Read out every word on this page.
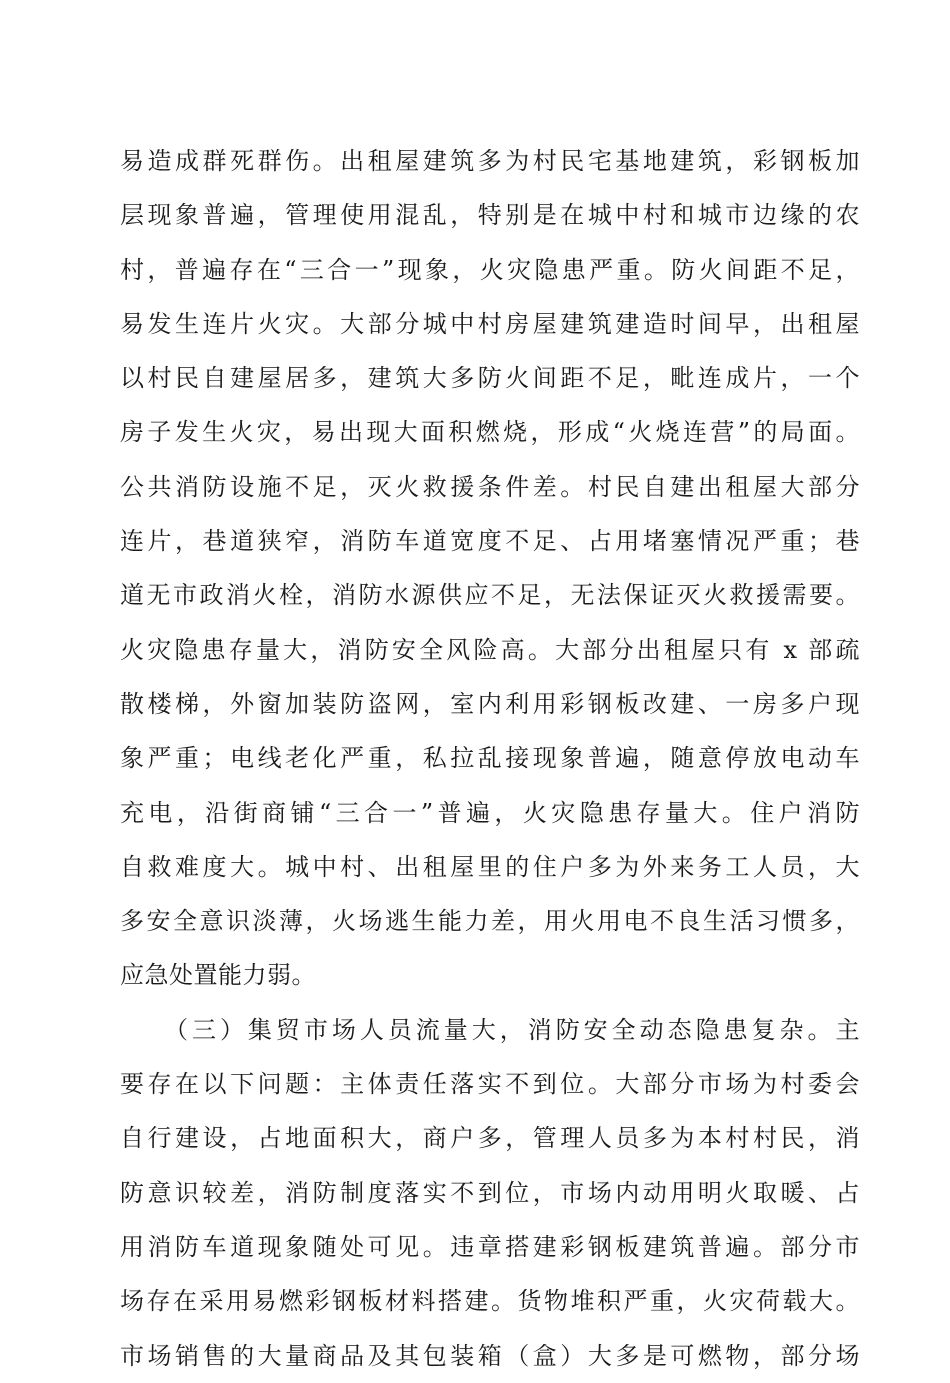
易造成群死群伤。出租屋建筑多为村民宅基地建筑，彩钢板加
层现象普遍，管理使用混乱，特别是在城中村和城市边缘的农
村，普遍存在“三合一”现象，火灾隐患严重。防火间距不足，
易发生连片火灾。大部分城中村房屋建筑建造时间早，出租屋
以村民自建屋居多，建筑大多防火间距不足，毗连成片，一个
房子发生火灾，易出现大面积燃烧，形成“火烧连营”的局面。
公共消防设施不足，灭火救援条件差。村民自建出租屋大部分
连片，巷道狭窄，消防车道宽度不足、占用堵塞情况严重；巷
道无市政消火栓，消防水源供应不足，无法保证灭火救援需要。
火灾隐患存量大，消防安全风险高。大部分出租屋只有 x 部疏
散楼梯，外窗加装防盗网，室内利用彩钢板改建、一房多户现
象严重；电线老化严重，私拉乱接现象普遍，随意停放电动车
充电，沿街商铺“三合一”普遍，火灾隐患存量大。住户消防
自救难度大。城中村、出租屋里的住户多为外来务工人员，大
多安全意识淡薄，火场逃生能力差，用火用电不良生活习惯多，
应急处置能力弱。
（三）集贸市场人员流量大，消防安全动态隐患复杂。主
要存在以下问题：主体责任落实不到位。大部分市场为村委会
自行建设，占地面积大，商户多，管理人员多为本村村民，消
防意识较差，消防制度落实不到位，市场内动用明火取暖、占
用消防车道现象随处可见。违章搭建彩钢板建筑普遍。部分市
场存在采用易燃彩钢板材料搭建。货物堆积严重，火灾荷载大。
市场销售的大量商品及其包装箱（盒）大多是可燃物，部分场
